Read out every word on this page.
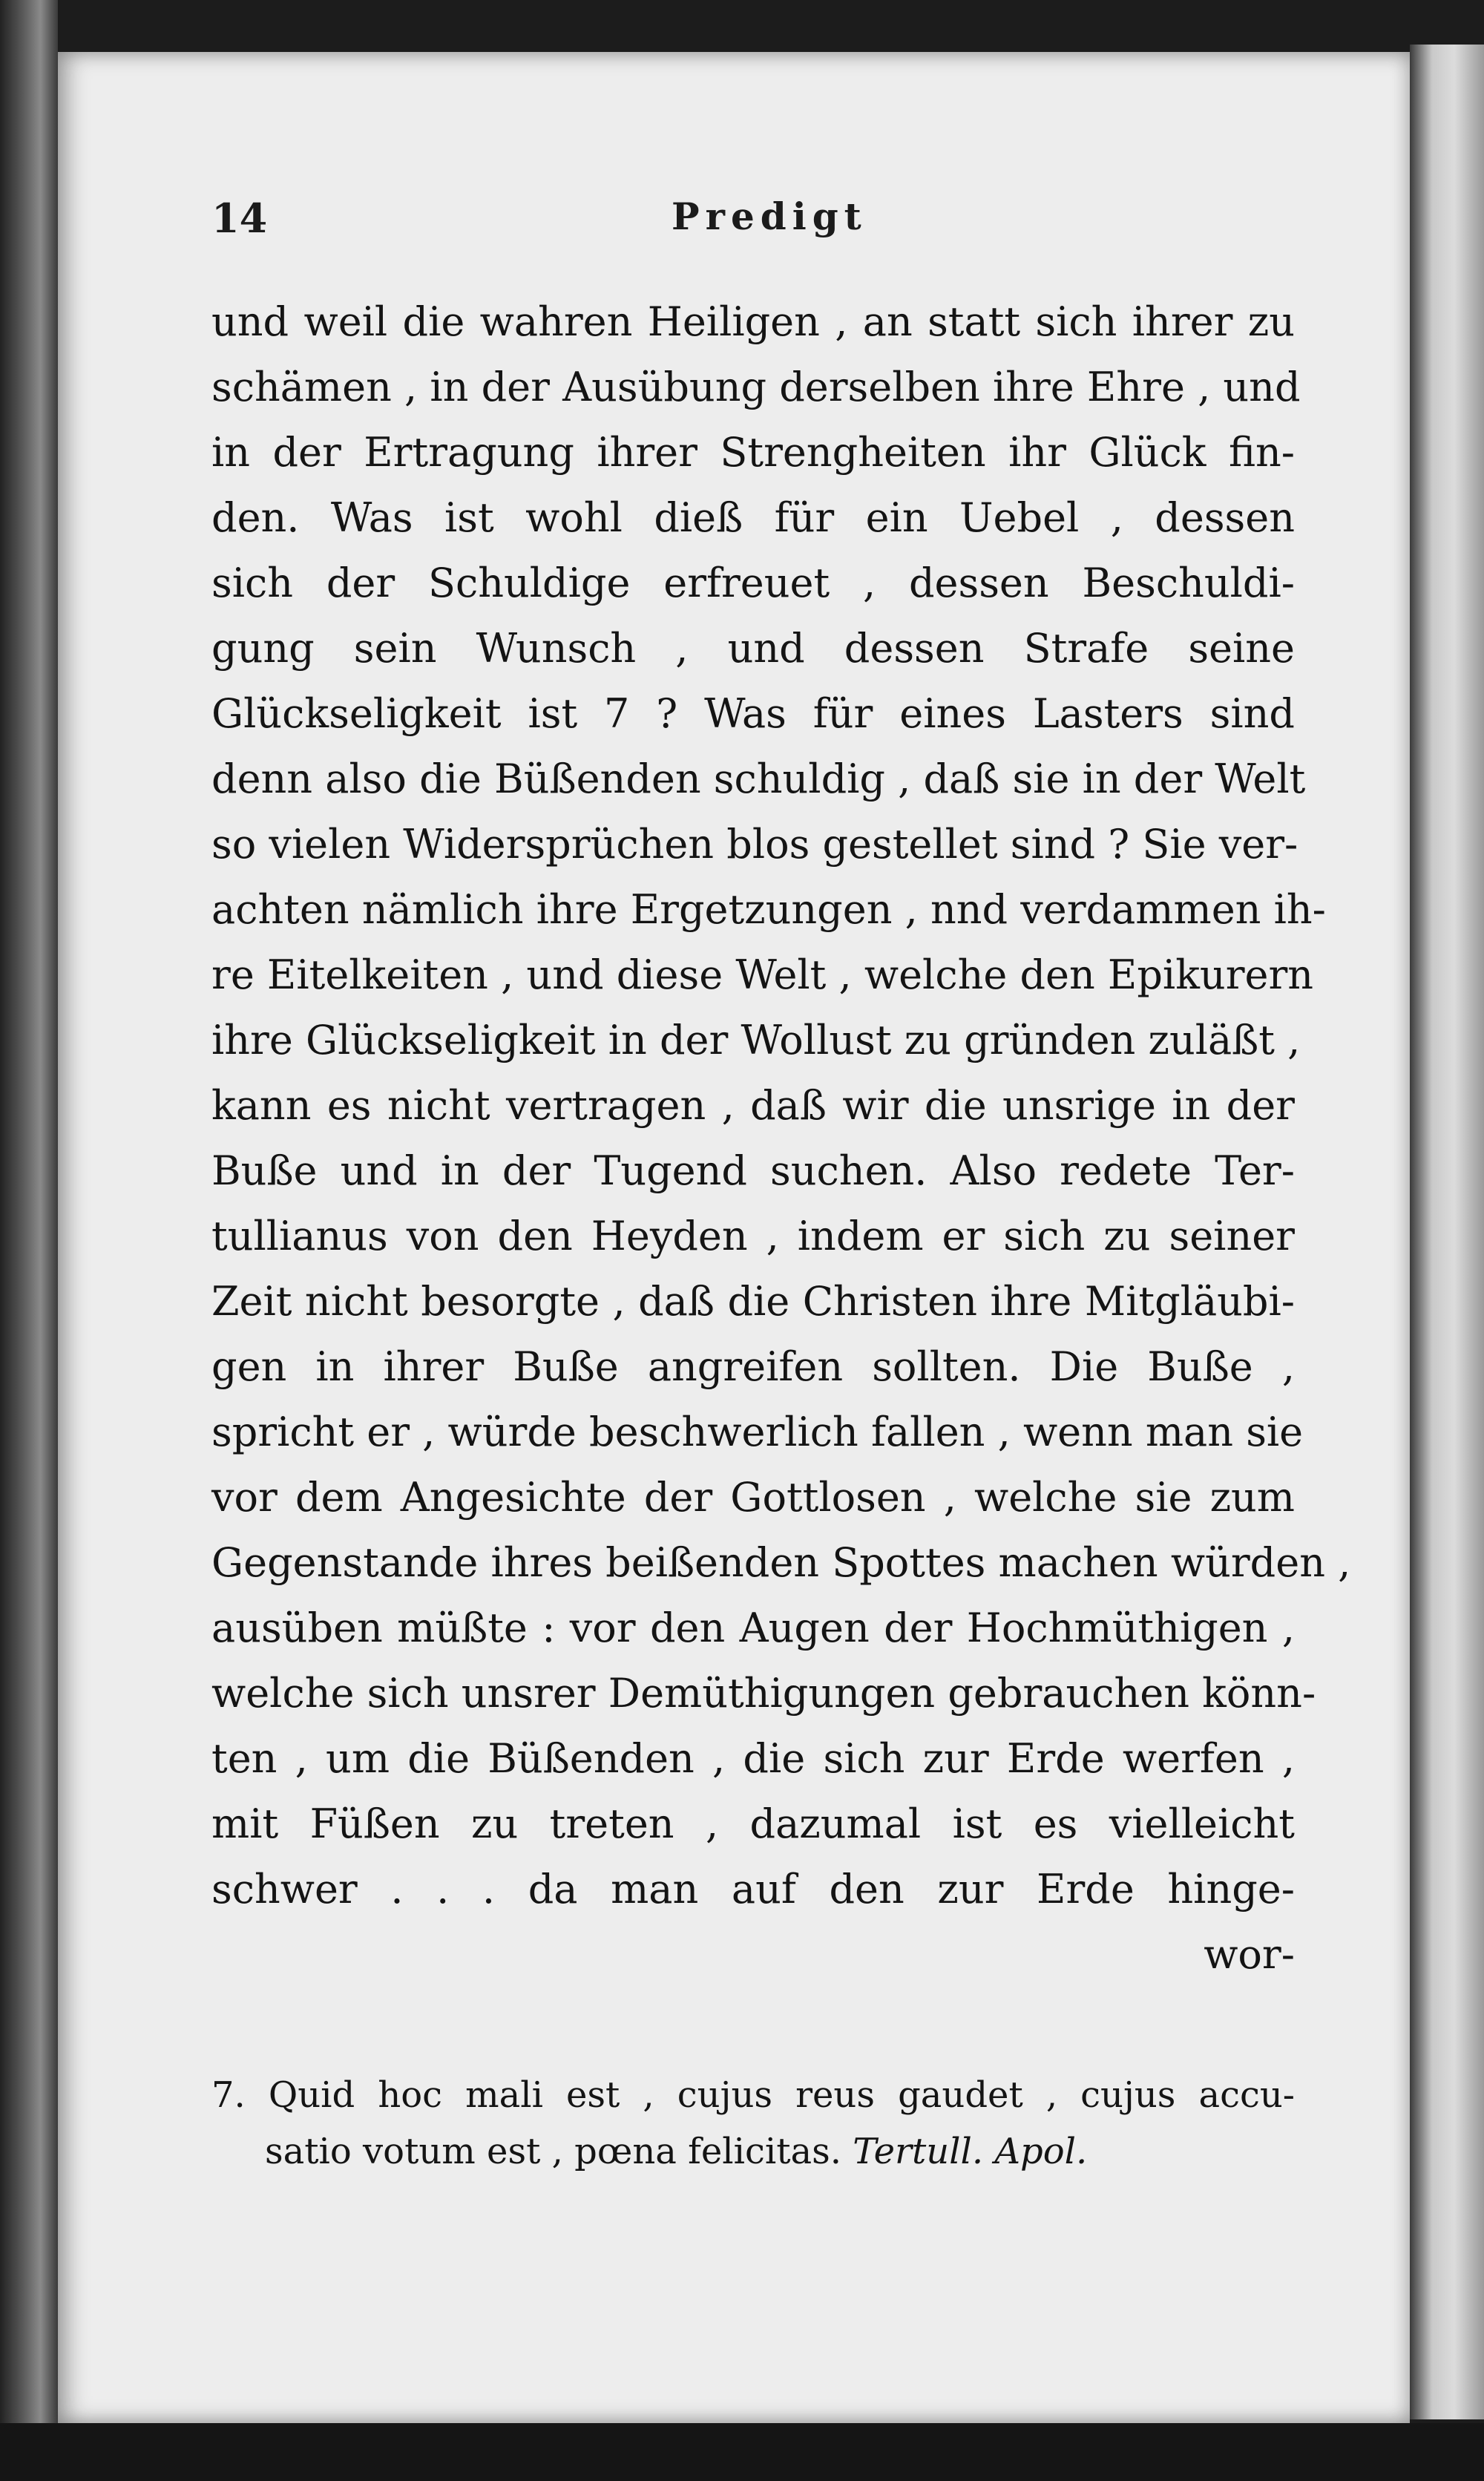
14	Predigt
und weil die wahren Heiligen , an statt sich ihrer zu
schämen , in der Ausübung derselben ihre Ehre , und
in der Ertragung ihrer Strengheiten ihr Glück fin-
den. Was ist wohl dieß für ein Uebel , dessen
sich der Schuldige erfreuet , dessen Beschuldi-
gung sein Wunsch , und dessen Strafe seine
Glückseligkeit ist 7 ? Was für eines Lasters sind
denn also die Büßenden schuldig , daß sie in der Welt
so vielen Widersprüchen blos gestellet sind ? Sie ver-
achten nämlich ihre Ergetzungen , nnd verdammen ih-
re Eitelkeiten , und diese Welt , welche den Epikurern
ihre Glückseligkeit in der Wollust zu gründen zuläßt ,
kann es nicht vertragen , daß wir die unsrige in der
Buße und in der Tugend suchen. Also redete Ter-
tullianus von den Heyden , indem er sich zu seiner
Zeit nicht besorgte , daß die Christen ihre Mitgläubi-
gen in ihrer Buße angreifen sollten. Die Buße ,
spricht er , würde beschwerlich fallen , wenn man sie
vor dem Angesichte der Gottlosen , welche sie zum
Gegenstande ihres beißenden Spottes machen würden ,
ausüben müßte : vor den Augen der Hochmüthigen ,
welche sich unsrer Demüthigungen gebrauchen könn-
ten , um die Büßenden , die sich zur Erde werfen ,
mit Füßen zu treten , dazumal ist es vielleicht
schwer . . . da man auf den zur Erde hinge-
wor-
7. Quid hoc mali est , cujus reus gaudet , cujus accu-
satio votum est , pœna felicitas. Tertull. Apol.
